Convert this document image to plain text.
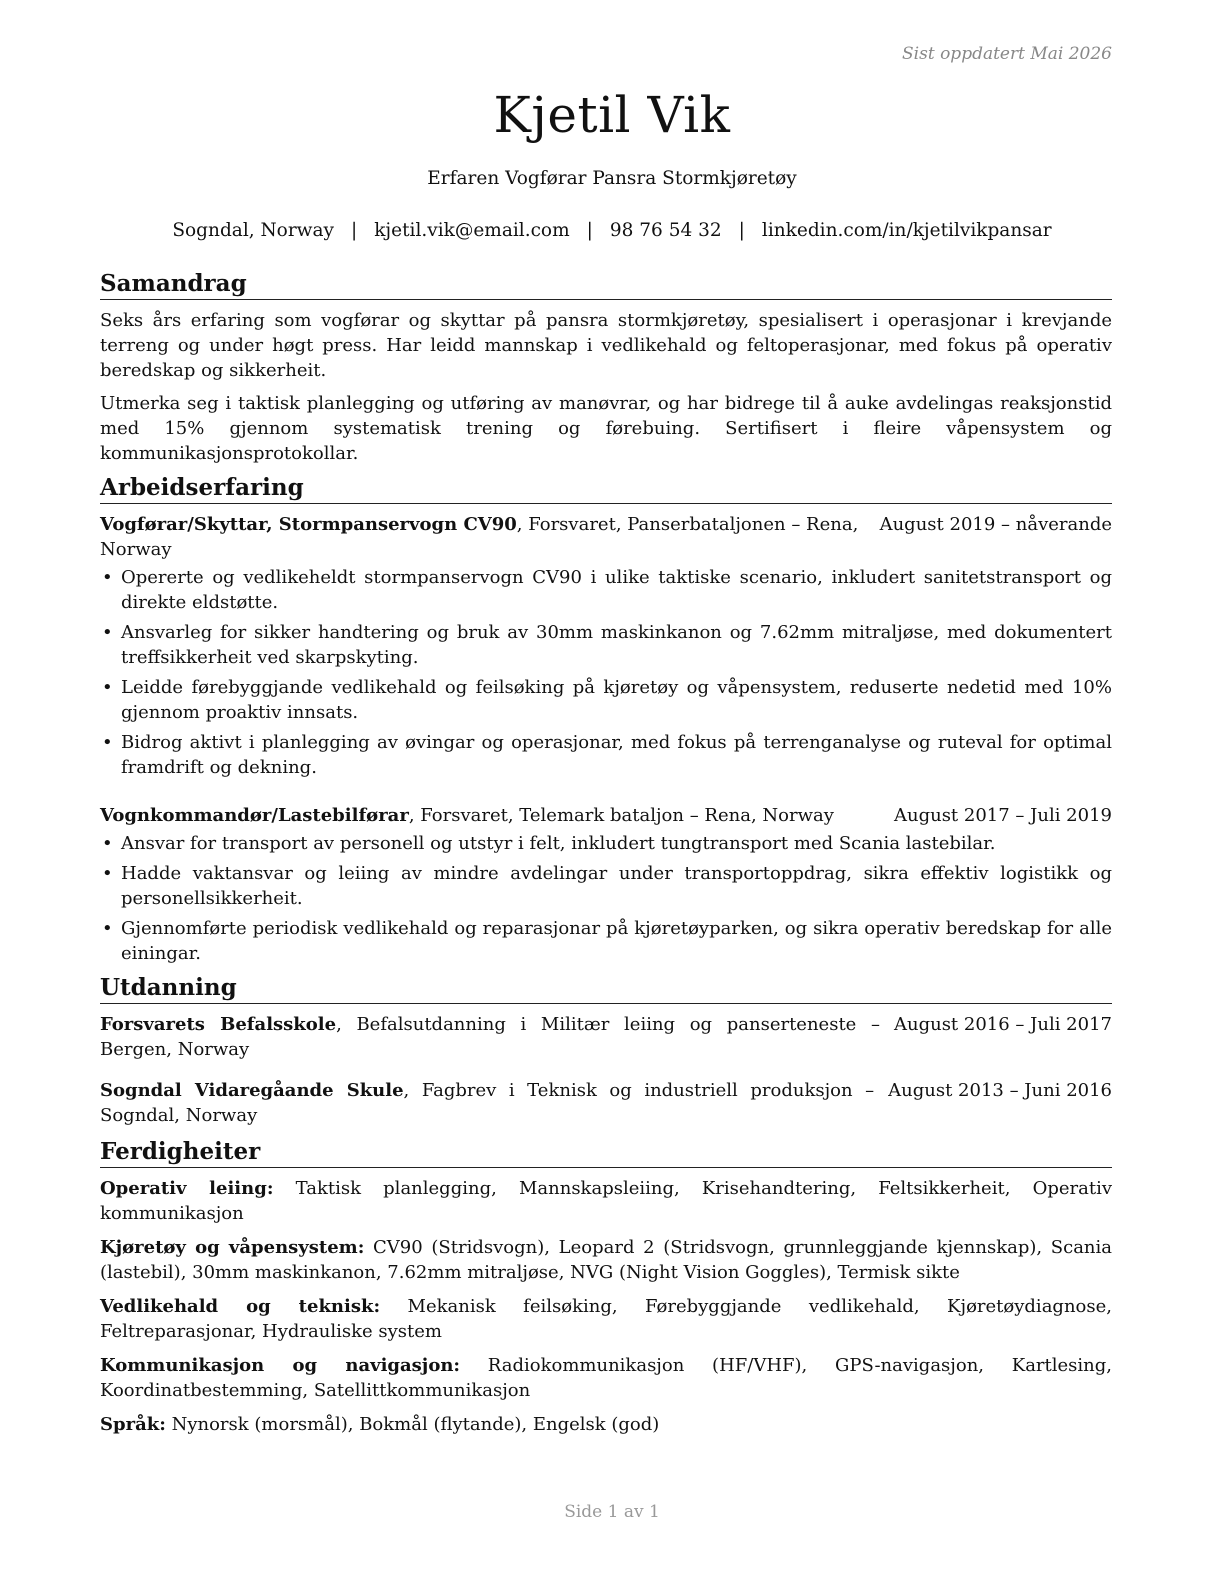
Sist oppdatert Mai 2026
Kjetil Vik
Erfaren Vogførar Pansra Stormkjøretøy
Sogndal, Norway | kjetil.vik@email.com | 98 76 54 32 | linkedin.com/in/kjetilvikpansar
Samandrag

Seks års erfaring som vogførar og skyttar på pansra stormkjøretøy, spesialisert i operasjonar i krevjande terreng og under høgt press. Har leidd mannskap i vedlikehald og feltoperasjonar, med fokus på operativ beredskap og sikkerheit.

Utmerka seg i taktisk planlegging og utføring av manøvrar, og har bidrege til å auke avdelingas reaksjonstid med 15% gjennom systematisk trening og førebuing. Sertifisert i fleire våpensystem og kommunikasjonsprotokollar.

Arbeidserfaring
Vogførar/Skyttar, Stormpanservogn CV90, Forsvaret, Panserbataljonen – Rena, Norway
August 2019 – nåverande
• Opererte og vedlikeheldt stormpanservogn CV90 i ulike taktiske scenario, inkludert sanitetstransport og direkte eldstøtte.
• Ansvarleg for sikker handtering og bruk av 30mm maskinkanon og 7.62mm mitraljøse, med dokumentert treffsikkerheit ved skarpskyting.
• Leidde førebyggjande vedlikehald og feilsøking på kjøretøy og våpensystem, reduserte nedetid med 10% gjennom proaktiv innsats.
• Bidrog aktivt i planlegging av øvingar og operasjonar, med fokus på terrenganalyse og ruteval for optimal framdrift og dekning.
Vognkommandør/Lastebilførar, Forsvaret, Telemark bataljon – Rena, Norway	August 2017 – Juli 2019
• Ansvar for transport av personell og utstyr i felt, inkludert tungtransport med Scania lastebilar.
• Hadde vaktansvar og leiing av mindre avdelingar under transportoppdrag, sikra effektiv logistikk og personellsikkerheit.
• Gjennomførte periodisk vedlikehald og reparasjonar på kjøretøyparken, og sikra operativ beredskap for alle einingar.
Utdanning
Forsvarets Befalsskole, Befalsutdanning i Militær leiing og panserteneste – Bergen, Norway
August 2016 – Juli 2017
Sogndal Vidaregåande Skule, Fagbrev i Teknisk og industriell produksjon – Sogndal, Norway
August 2013 – Juni 2016
Ferdigheiter
Operativ leiing: Taktisk planlegging, Mannskapsleiing, Krisehandtering, Feltsikkerheit, Operativ kommunikasjon
Kjøretøy og våpensystem: CV90 (Stridsvogn), Leopard 2 (Stridsvogn, grunnleggjande kjennskap), Scania (lastebil), 30mm maskinkanon, 7.62mm mitraljøse, NVG (Night Vision Goggles), Termisk sikte
Vedlikehald og teknisk: Mekanisk feilsøking, Førebyggjande vedlikehald, Kjøretøydiagnose, Feltreparasjonar, Hydrauliske system
Kommunikasjon og navigasjon: Radiokommunikasjon (HF/VHF), GPS-navigasjon, Kartlesing, Koordinatbestemming, Satellittkommunikasjon
Språk: Nynorsk (morsmål), Bokmål (flytande), Engelsk (god)
Side 1 av 1
